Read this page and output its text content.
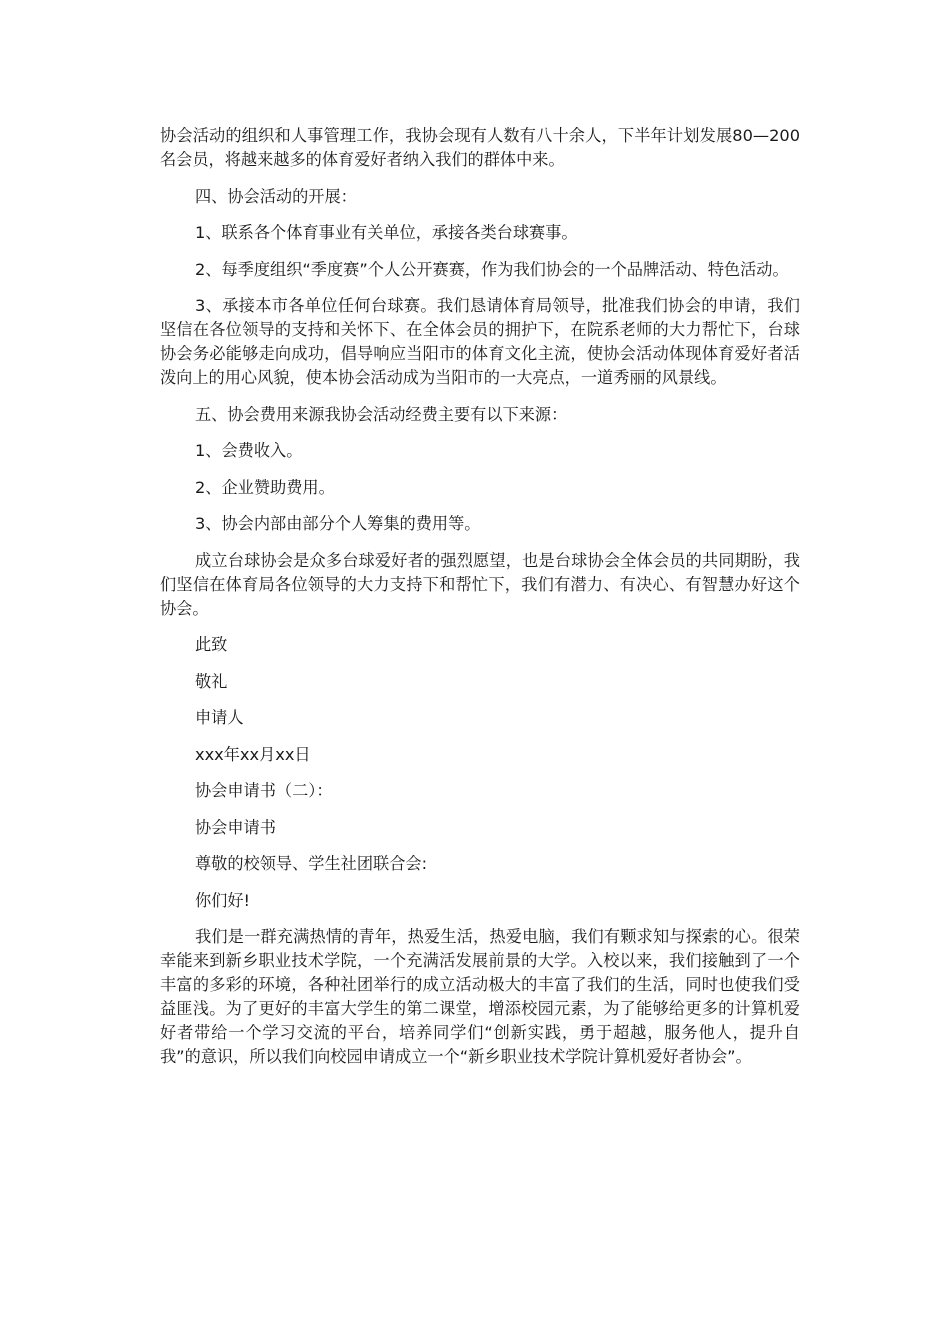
协会活动的组织和人事管理工作，我协会现有人数有八十余人，下半年计划发展80—200名会员，将越来越多的体育爱好者纳入我们的群体中来。

四、协会活动的开展：

1、联系各个体育事业有关单位，承接各类台球赛事。

2、每季度组织“季度赛”个人公开赛赛，作为我们协会的一个品牌活动、特色活动。

3、承接本市各单位任何台球赛。我们恳请体育局领导，批准我们协会的申请，我们坚信在各位领导的支持和关怀下、在全体会员的拥护下，在院系老师的大力帮忙下，台球协会务必能够走向成功，倡导响应当阳市的体育文化主流，使协会活动体现体育爱好者活泼向上的用心风貌，使本协会活动成为当阳市的一大亮点，一道秀丽的风景线。

五、协会费用来源我协会活动经费主要有以下来源：

1、会费收入。

2、企业赞助费用。

3、协会内部由部分个人筹集的费用等。

成立台球协会是众多台球爱好者的强烈愿望，也是台球协会全体会员的共同期盼，我们坚信在体育局各位领导的大力支持下和帮忙下，我们有潜力、有决心、有智慧办好这个协会。

此致

敬礼

申请人

xxx年xx月xx日

协会申请书（二）：

协会申请书

尊敬的校领导、学生社团联合会:

你们好!

我们是一群充满热情的青年，热爱生活，热爱电脑，我们有颗求知与探索的心。很荣幸能来到新乡职业技术学院，一个充满活发展前景的大学。入校以来，我们接触到了一个丰富的多彩的环境，各种社团举行的成立活动极大的丰富了我们的生活，同时也使我们受益匪浅。为了更好的丰富大学生的第二课堂，增添校园元素，为了能够给更多的计算机爱好者带给一个学习交流的平台，培养同学们“创新实践，勇于超越，服务他人，提升自我”的意识，所以我们向校园申请成立一个“新乡职业技术学院计算机爱好者协会”。
